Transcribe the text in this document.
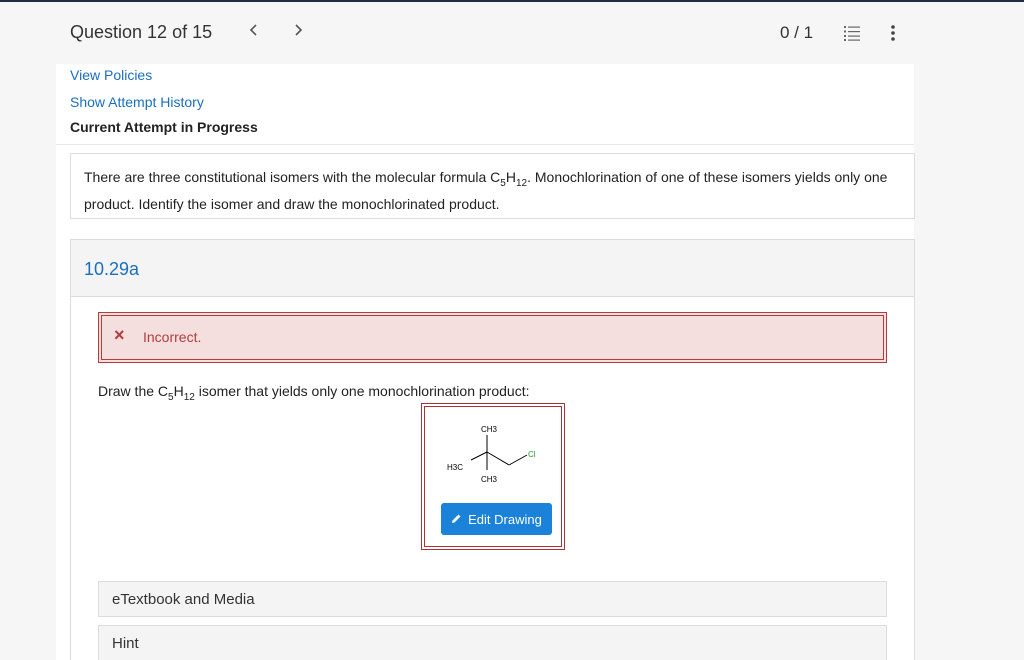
Question 12 of 15	0 / 1
View Policies
Show Attempt History
Current Attempt in Progress
There are three constitutional isomers with the molecular formula $C_5H_{12}$. Monochlorination of one of these isomers yields only one product. Identify the isomer and draw the monochlorinated product.
10.29a
× Incorrect.
Draw the $C_5H_{12}$ isomer that yields only one monochlorination product:
CH3
CH3
H3C
Cl
Edit Drawing
eTextbook and Media
Hint
